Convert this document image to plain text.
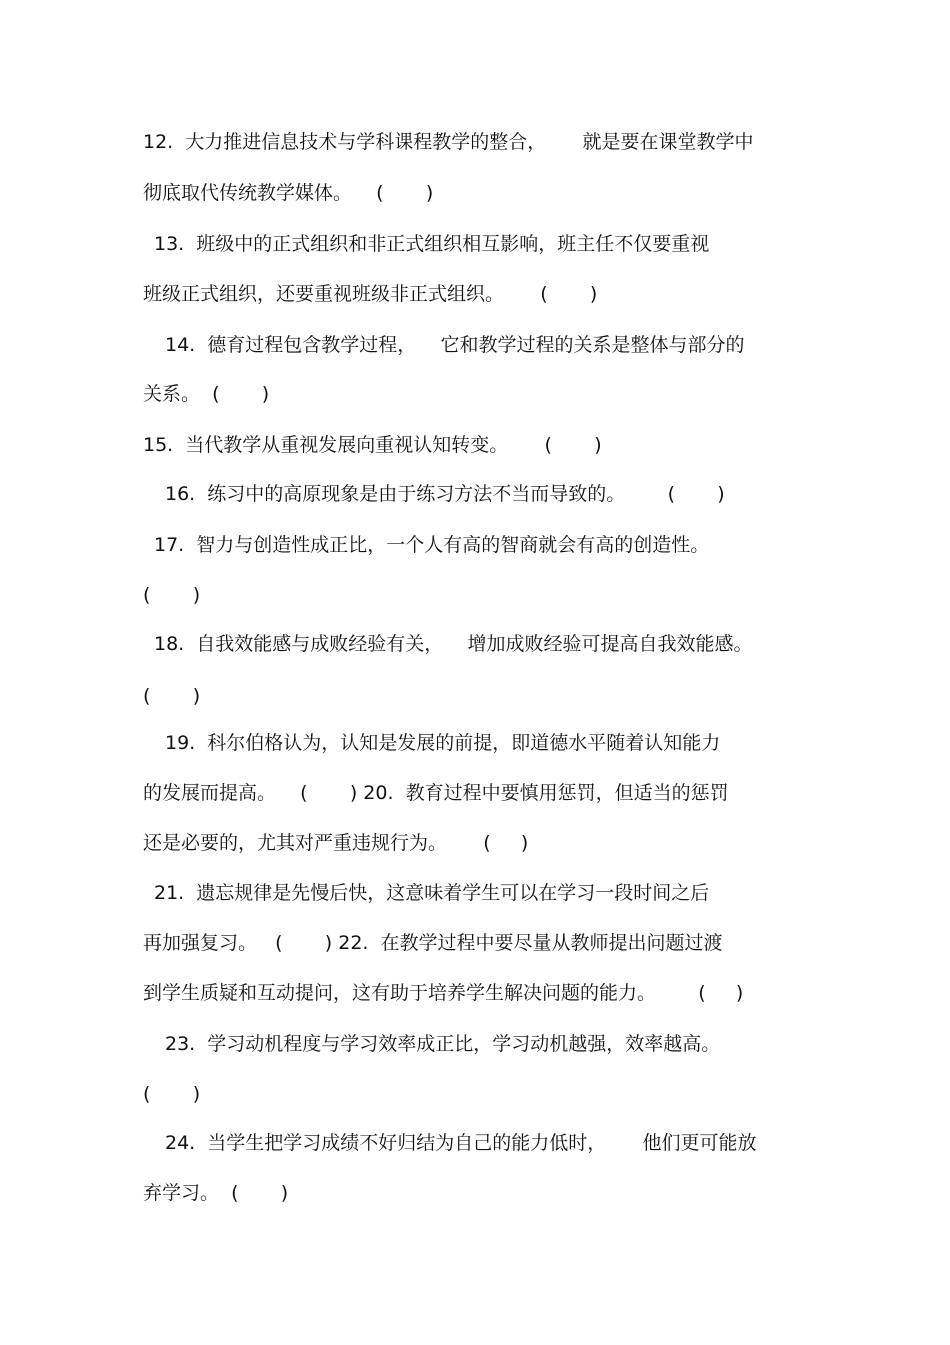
12.  大力推进信息技术与学科课程教学的整合，      就是要在课堂教学中
彻底取代传统教学媒体。    (       )
13.  班级中的正式组织和非正式组织相互影响，班主任不仅要重视
班级正式组织，还要重视班级非正式组织。      (       )
14.  德育过程包含教学过程，    它和教学过程的关系是整体与部分的
关系。  (       )
15.  当代教学从重视发展向重视认知转变。      (       )
16.  练习中的高原现象是由于练习方法不当而导致的。       (       )
17.  智力与创造性成正比，一个人有高的智商就会有高的创造性。
(       )
18.  自我效能感与成败经验有关，    增加成败经验可提高自我效能感。
(       )
19.  科尔伯格认为，认知是发展的前提，即道德水平随着认知能力
的发展而提高。    (       ) 20.  教育过程中要慎用惩罚，但适当的惩罚
还是必要的，尤其对严重违规行为。      (     )
21.  遗忘规律是先慢后快，这意味着学生可以在学习一段时间之后
再加强复习。   (       ) 22.  在教学过程中要尽量从教师提出问题过渡
到学生质疑和互动提问，这有助于培养学生解决问题的能力。       (     )
23.  学习动机程度与学习效率成正比，学习动机越强，效率越高。
(       )
24.  当学生把学习成绩不好归结为自己的能力低时，      他们更可能放
弃学习。  (       )
